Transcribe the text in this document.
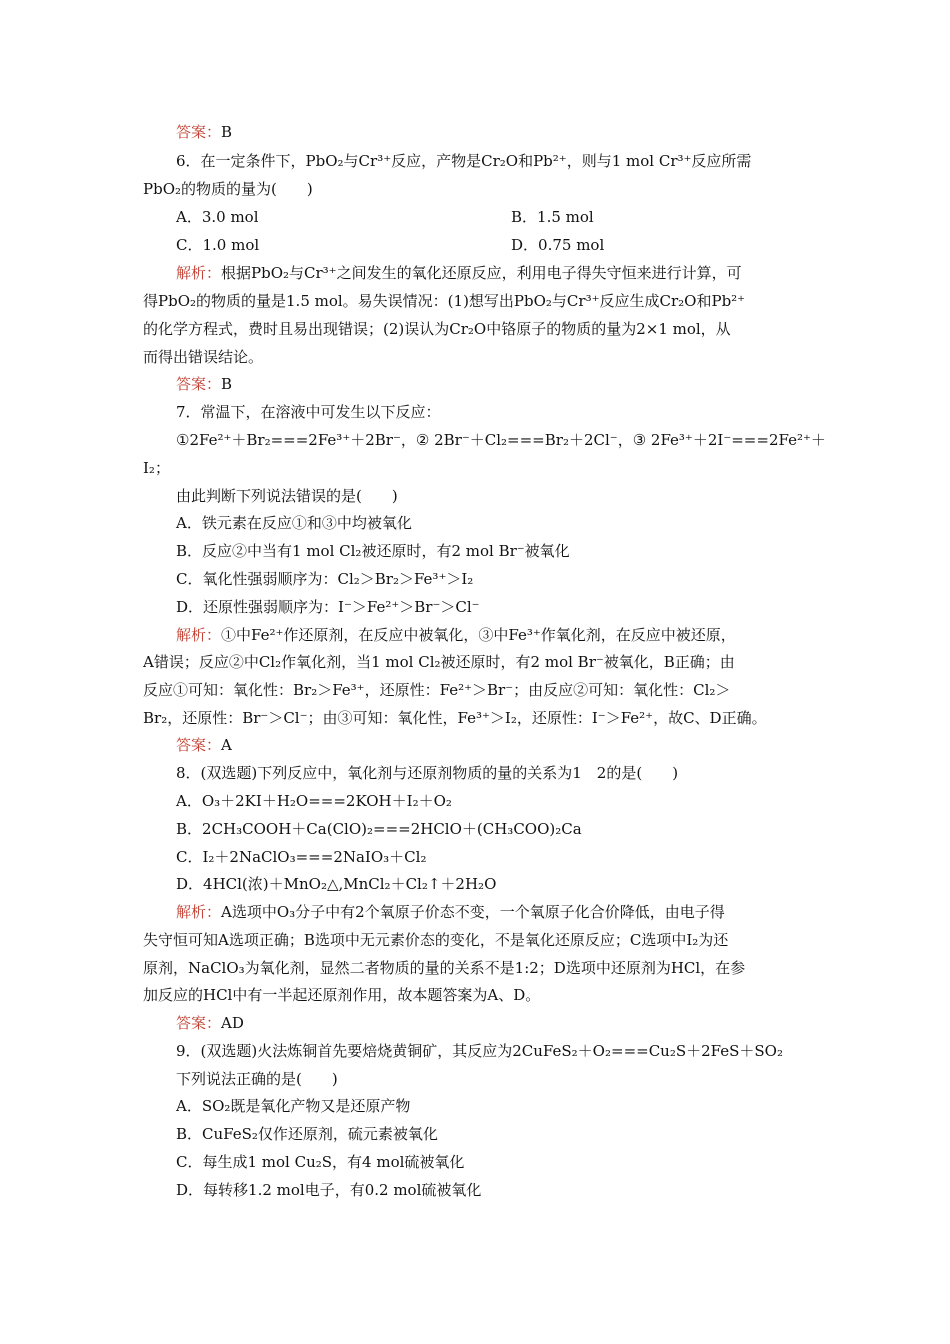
答案：B
6．在一定条件下，PbO₂与Cr³⁺反应，产物是Cr₂O和Pb²⁺，则与1 mol Cr³⁺反应所需
PbO₂的物质的量为(　　)
A．3.0 mol	B．1.5 mol
C．1.0 mol	D．0.75 mol
解析：根据PbO₂与Cr³⁺之间发生的氧化还原反应，利用电子得失守恒来进行计算，可
得PbO₂的物质的量是1.5 mol。易失误情况：(1)想写出PbO₂与Cr³⁺反应生成Cr₂O和Pb²⁺
的化学方程式，费时且易出现错误；(2)误认为Cr₂O中铬原子的物质的量为2×1 mol，从
而得出错误结论。
答案：B
7．常温下，在溶液中可发生以下反应：
①2Fe²⁺＋Br₂===2Fe³⁺＋2Br⁻，② 2Br⁻＋Cl₂===Br₂＋2Cl⁻，③ 2Fe³⁺＋2I⁻===2Fe²⁺＋
I₂；
由此判断下列说法错误的是(　　)
A．铁元素在反应①和③中均被氧化
B．反应②中当有1 mol Cl₂被还原时，有2 mol Br⁻被氧化
C．氧化性强弱顺序为：Cl₂＞Br₂＞Fe³⁺＞I₂
D．还原性强弱顺序为：I⁻＞Fe²⁺＞Br⁻＞Cl⁻
解析：①中Fe²⁺作还原剂，在反应中被氧化，③中Fe³⁺作氧化剂，在反应中被还原，
A错误；反应②中Cl₂作氧化剂，当1 mol Cl₂被还原时，有2 mol Br⁻被氧化，B正确；由
反应①可知：氧化性：Br₂＞Fe³⁺，还原性：Fe²⁺＞Br⁻；由反应②可知：氧化性：Cl₂＞
Br₂，还原性：Br⁻＞Cl⁻；由③可知：氧化性，Fe³⁺＞I₂，还原性：I⁻＞Fe²⁺，故C、D正确。
答案：A
8．(双选题)下列反应中，氧化剂与还原剂物质的量的关系为1　2的是(　　)
A．O₃＋2KI＋H₂O===2KOH＋I₂＋O₂
B．2CH₃COOH＋Ca(ClO)₂===2HClO＋(CH₃COO)₂Ca
C．I₂＋2NaClO₃===2NaIO₃＋Cl₂
D．4HCl(浓)＋MnO₂△,MnCl₂＋Cl₂↑＋2H₂O
解析：A选项中O₃分子中有2个氧原子价态不变，一个氧原子化合价降低，由电子得
失守恒可知A选项正确；B选项中无元素价态的变化，不是氧化还原反应；C选项中I₂为还
原剂，NaClO₃为氧化剂，显然二者物质的量的关系不是1:2；D选项中还原剂为HCl，在参
加反应的HCl中有一半起还原剂作用，故本题答案为A、D。
答案：AD
9．(双选题)火法炼铜首先要焙烧黄铜矿，其反应为2CuFeS₂＋O₂===Cu₂S＋2FeS＋SO₂
下列说法正确的是(　　)
A．SO₂既是氧化产物又是还原产物
B．CuFeS₂仅作还原剂，硫元素被氧化
C．每生成1 mol Cu₂S，有4 mol硫被氧化
D．每转移1.2 mol电子，有0.2 mol硫被氧化
